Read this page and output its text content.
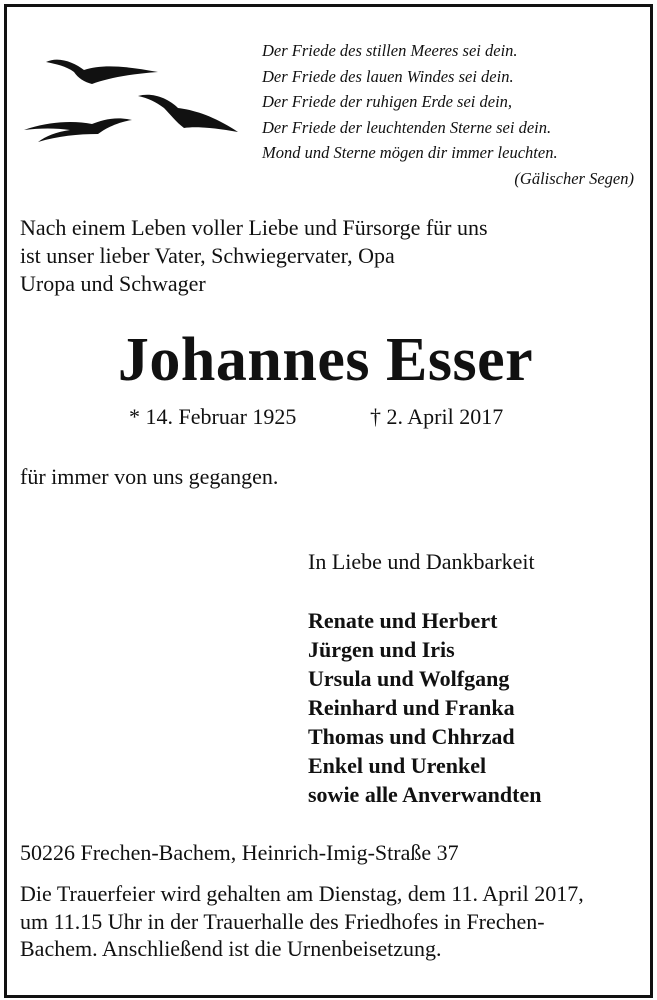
Der Friede des stillen Meeres sei dein.
Der Friede des lauen Windes sei dein.
Der Friede der ruhigen Erde sei dein,
Der Friede der leuchtenden Sterne sei dein.
Mond und Sterne mögen dir immer leuchten.
(Gälischer Segen)
Nach einem Leben voller Liebe und Fürsorge für uns
ist unser lieber Vater, Schwiegervater, Opa
Uropa und Schwager
Johannes Esser
* 14. Februar 1925	† 2. April 2017
für immer von uns gegangen.
In Liebe und Dankbarkeit
Renate und Herbert
Jürgen und Iris
Ursula und Wolfgang
Reinhard und Franka
Thomas und Chhrzad
Enkel und Urenkel
sowie alle Anverwandten
50226 Frechen-Bachem, Heinrich-Imig-Straße 37
Die Trauerfeier wird gehalten am Dienstag, dem 11. April 2017,
um 11.15 Uhr in der Trauerhalle des Friedhofes in Frechen-
Bachem. Anschließend ist die Urnenbeisetzung.
